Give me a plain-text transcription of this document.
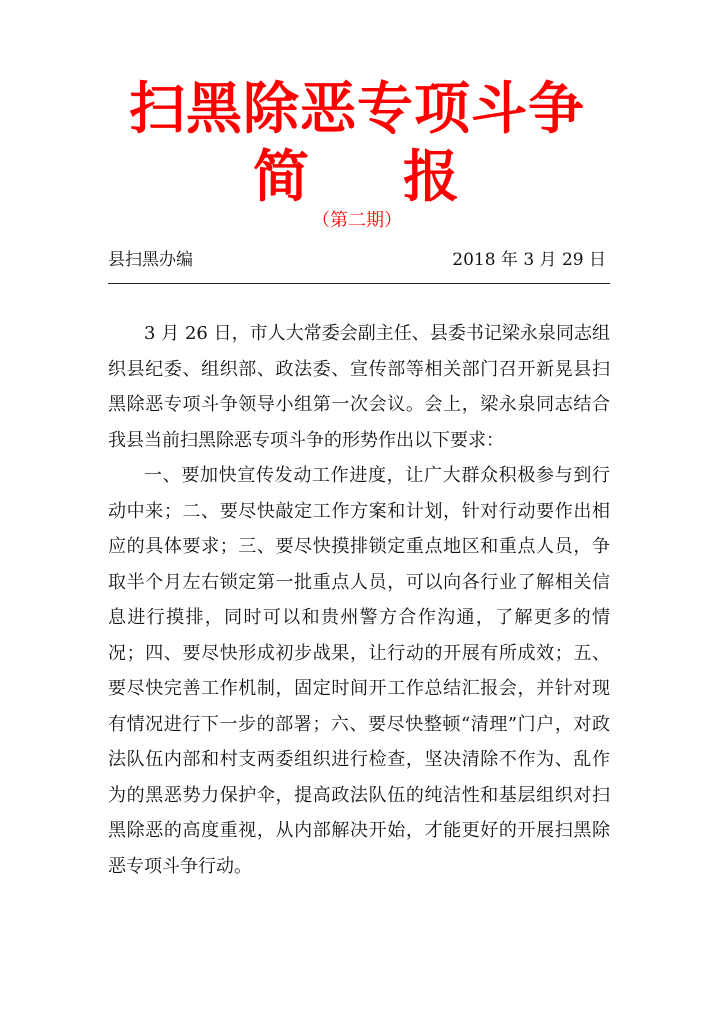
扫黑除恶专项斗争
简 报
（第二期）
县扫黑办编	2018 年 3 月 29 日

3 月 26 日，市人大常委会副主任、县委书记梁永泉同志组织县纪委、组织部、政法委、宣传部等相关部门召开新晃县扫黑除恶专项斗争领导小组第一次会议。会上，梁永泉同志结合我县当前扫黑除恶专项斗争的形势作出以下要求：

一、要加快宣传发动工作进度，让广大群众积极参与到行动中来；二、要尽快敲定工作方案和计划，针对行动要作出相应的具体要求；三、要尽快摸排锁定重点地区和重点人员，争取半个月左右锁定第一批重点人员，可以向各行业了解相关信息进行摸排，同时可以和贵州警方合作沟通，了解更多的情况；四、要尽快形成初步战果，让行动的开展有所成效；五、要尽快完善工作机制，固定时间开工作总结汇报会，并针对现有情况进行下一步的部署；六、要尽快整顿“清理”门户，对政法队伍内部和村支两委组织进行检查，坚决清除不作为、乱作为的黑恶势力保护伞，提高政法队伍的纯洁性和基层组织对扫黑除恶的高度重视，从内部解决开始，才能更好的开展扫黑除恶专项斗争行动。
